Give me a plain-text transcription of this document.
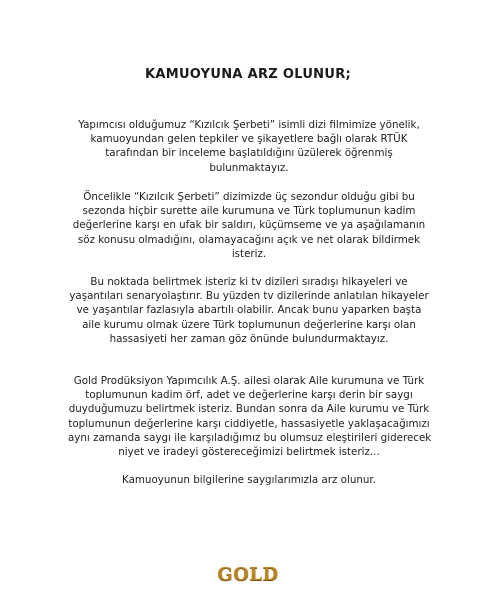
KAMUOYUNA ARZ OLUNUR;
Yapımcısı olduğumuz “Kızılcık Şerbeti” isimli dizi filmimize yönelik,
kamuoyundan gelen tepkiler ve şikayetlere bağlı olarak RTÜK
tarafından bir inceleme başlatıldığını üzülerek öğrenmiş
bulunmaktayız.
Öncelikle “Kızılcık Şerbeti” dizimizde üç sezondur olduğu gibi bu
sezonda hiçbir surette aile kurumuna ve Türk toplumunun kadim
değerlerine karşı en ufak bir saldırı, küçümseme ve ya aşağılamanın
söz konusu olmadığını, olamayacağını açık ve net olarak bildirmek
isteriz.
Bu noktada belirtmek isteriz ki tv dizileri sıradışı hikayeleri ve
yaşantıları senaryolaştırır. Bu yüzden tv dizilerinde anlatılan hikayeler
ve yaşantılar fazlasıyla abartılı olabilir. Ancak bunu yaparken başta
aile kurumu olmak üzere Türk toplumunun değerlerine karşı olan
hassasiyeti her zaman göz önünde bulundurmaktayız.
Gold Prodüksiyon Yapımcılık A.Ş. ailesi olarak Aile kurumuna ve Türk
toplumunun kadim örf, adet ve değerlerine karşı derin bir saygı
duyduğumuzu belirtmek isteriz. Bundan sonra da Aile kurumu ve Türk
toplumunun değerlerine karşı ciddiyetle, hassasiyetle yaklaşacağımızı
aynı zamanda saygı ile karşıladığımız bu olumsuz eleştirileri giderecek
niyet ve iradeyi göstereceğimizi belirtmek isteriz...
Kamuoyunun bilgilerine saygılarımızla arz olunur.
GOLD
